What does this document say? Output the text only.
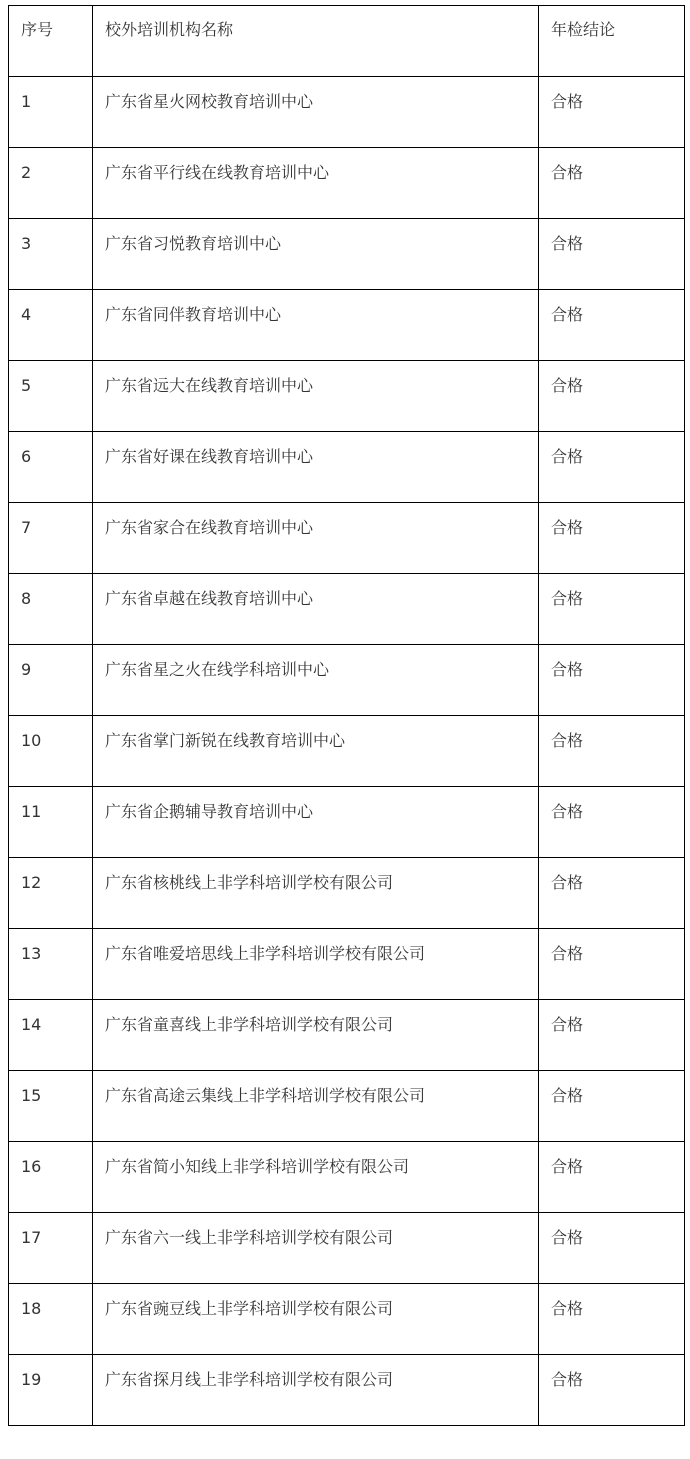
序号	校外培训机构名称	年检结论
1	广东省星火网校教育培训中心	合格
2	广东省平行线在线教育培训中心	合格
3	广东省习悦教育培训中心	合格
4	广东省同伴教育培训中心	合格
5	广东省远大在线教育培训中心	合格
6	广东省好课在线教育培训中心	合格
7	广东省家合在线教育培训中心	合格
8	广东省卓越在线教育培训中心	合格
9	广东省星之火在线学科培训中心	合格
10	广东省掌门新锐在线教育培训中心	合格
11	广东省企鹅辅导教育培训中心	合格
12	广东省核桃线上非学科培训学校有限公司	合格
13	广东省唯爱培思线上非学科培训学校有限公司	合格
14	广东省童喜线上非学科培训学校有限公司	合格
15	广东省高途云集线上非学科培训学校有限公司	合格
16	广东省简小知线上非学科培训学校有限公司	合格
17	广东省六一线上非学科培训学校有限公司	合格
18	广东省豌豆线上非学科培训学校有限公司	合格
19	广东省探月线上非学科培训学校有限公司	合格
